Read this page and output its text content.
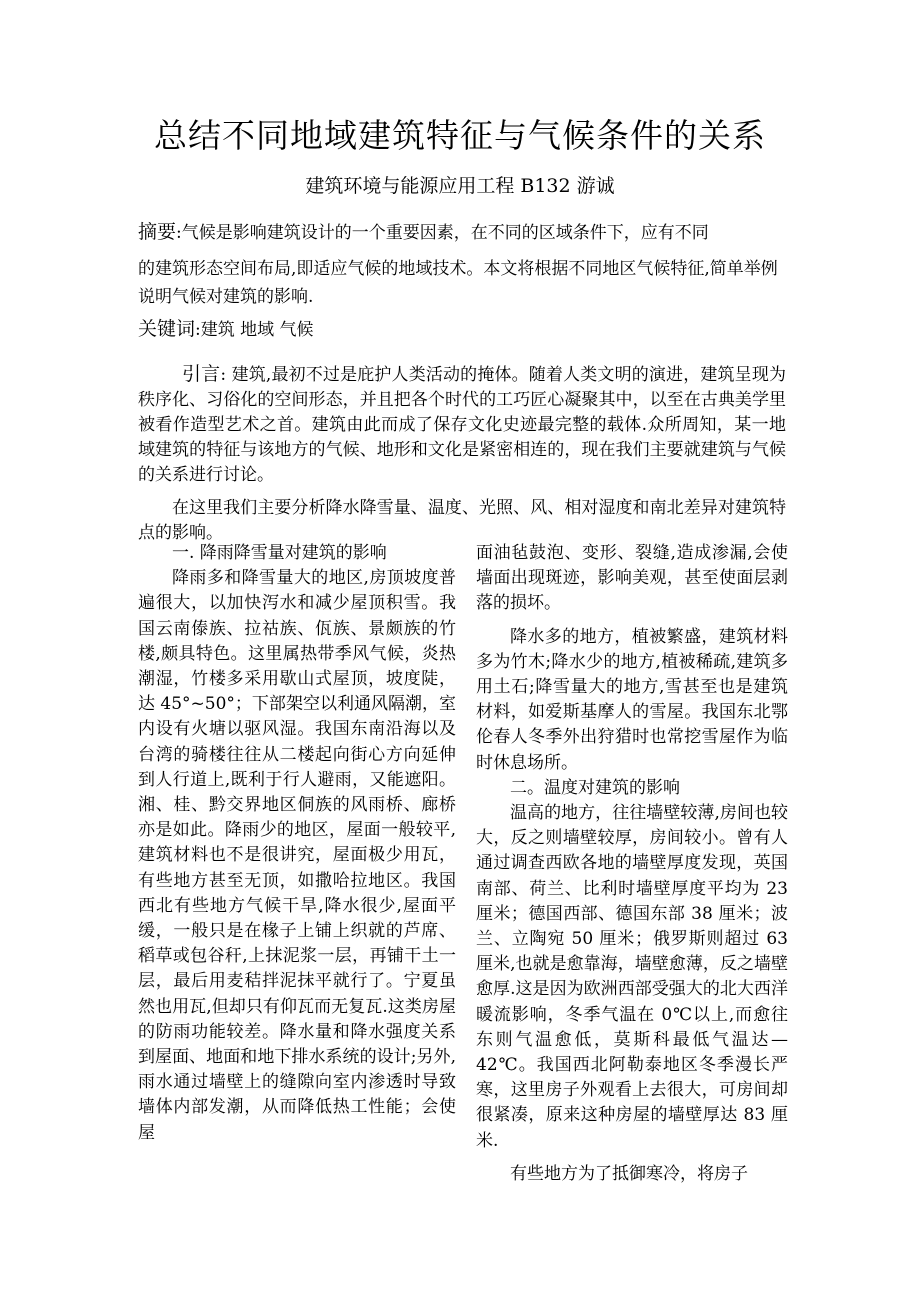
总结不同地域建筑特征与气候条件的关系
建筑环境与能源应用工程 B132 游诚
摘要:气候是影响建筑设计的一个重要因素，在不同的区域条件下，应有不同
的建筑形态空间布局,即适应气候的地域技术。本文将根据不同地区气候特征,简单举例说明气候对建筑的影响.
关键词:建筑 地域 气候

引言: 建筑,最初不过是庇护人类活动的掩体。随着人类文明的演进，建筑呈现为秩序化、习俗化的空间形态，并且把各个时代的工巧匠心凝聚其中，以至在古典美学里被看作造型艺术之首。建筑由此而成了保存文化史迹最完整的载体.众所周知，某一地域建筑的特征与该地方的气候、地形和文化是紧密相连的，现在我们主要就建筑与气候的关系进行讨论。

在这里我们主要分析降水降雪量、温度、光照、风、相对湿度和南北差异对建筑特点的影响。

一. 降雨降雪量对建筑的影响

降雨多和降雪量大的地区,房顶坡度普遍很大，以加快泻水和减少屋顶积雪。我国云南傣族、拉祜族、佤族、景颇族的竹楼,颇具特色。这里属热带季风气候，炎热潮湿，竹楼多采用歇山式屋顶，坡度陡，达 45°~50°；下部架空以利通风隔潮，室内设有火塘以驱风湿。我国东南沿海以及台湾的骑楼往往从二楼起向街心方向延伸到人行道上,既利于行人避雨，又能遮阳。湘、桂、黔交界地区侗族的风雨桥、廊桥亦是如此。降雨少的地区，屋面一般较平,建筑材料也不是很讲究，屋面极少用瓦，有些地方甚至无顶，如撒哈拉地区。我国西北有些地方气候干旱,降水很少,屋面平缓，一般只是在椽子上铺上织就的芦席、稻草或包谷秆,上抹泥浆一层，再铺干土一层，最后用麦秸拌泥抹平就行了。宁夏虽然也用瓦,但却只有仰瓦而无复瓦.这类房屋的防雨功能较差。降水量和降水强度关系到屋面、地面和地下排水系统的设计;另外,雨水通过墙壁上的缝隙向室内渗透时导致墙体内部发潮，从而降低热工性能；会使屋

面油毡鼓泡、变形、裂缝,造成渗漏,会使墙面出现斑迹，影响美观，甚至使面层剥落的损坏。

降水多的地方，植被繁盛，建筑材料多为竹木;降水少的地方,植被稀疏,建筑多用土石;降雪量大的地方,雪甚至也是建筑材料，如爱斯基摩人的雪屋。我国东北鄂伦春人冬季外出狩猎时也常挖雪屋作为临时休息场所。

二。温度对建筑的影响

温高的地方，往往墙壁较薄,房间也较大，反之则墙壁较厚，房间较小。曾有人通过调查西欧各地的墙壁厚度发现，英国南部、荷兰、比利时墙壁厚度平均为 23 厘米；德国西部、德国东部 38 厘米；波兰、立陶宛 50 厘米；俄罗斯则超过 63 厘米,也就是愈靠海，墙壁愈薄，反之墙壁愈厚.这是因为欧洲西部受强大的北大西洋暖流影响，冬季气温在 0℃以上,而愈往东则气温愈低，莫斯科最低气温达—42℃。我国西北阿勒泰地区冬季漫长严寒，这里房子外观看上去很大，可房间却很紧凑，原来这种房屋的墙壁厚达 83 厘米.

有些地方为了抵御寒冷，将房子
